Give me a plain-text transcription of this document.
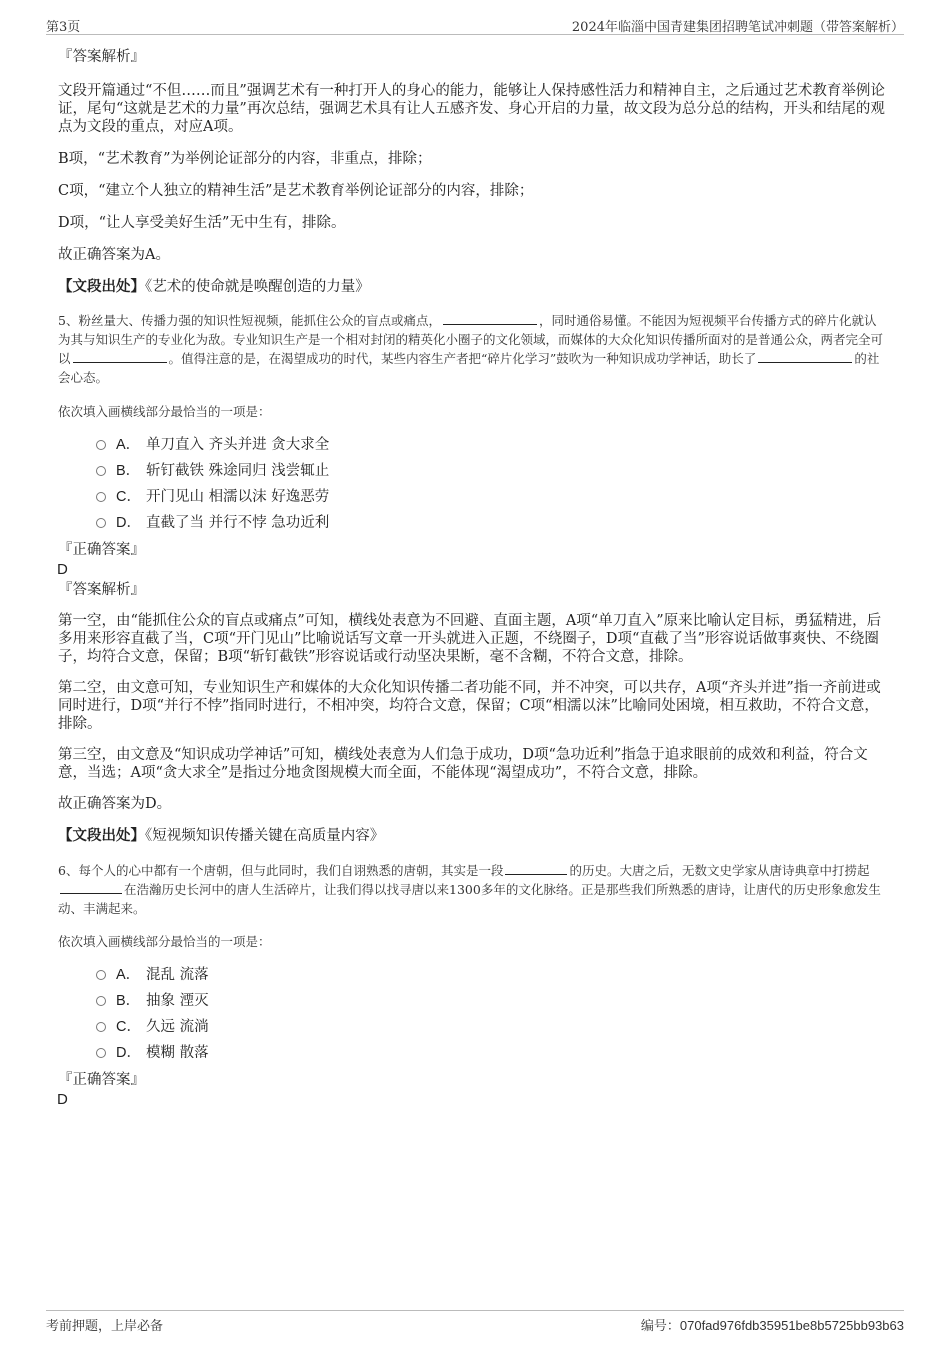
第3页	2024年临淄中国青建集团招聘笔试冲刺题（带答案解析）

『答案解析』

文段开篇通过“不但……而且”强调艺术有一种打开人的身心的能力，能够让人保持感性活力和精神自主，之后通过艺术教育举例论证，尾句“这就是艺术的力量”再次总结，强调艺术具有让人五感齐发、身心开启的力量，故文段为总分总的结构，开头和结尾的观点为文段的重点，对应A项。

B项，“艺术教育”为举例论证部分的内容，非重点，排除；

C项，“建立个人独立的精神生活”是艺术教育举例论证部分的内容，排除；

D项，“让人享受美好生活”无中生有，排除。

故正确答案为A。

【文段出处】《艺术的使命就是唤醒创造的力量》

5、粉丝量大、传播力强的知识性短视频，能抓住公众的盲点或痛点，	，同时通俗易懂。不能因为短视频平台传播方式的碎片化就认为其与知识生产的专业化为敌。专业知识生产是一个相对封闭的精英化小圈子的文化领域，而媒体的大众化知识传播所面对的是普通公众，两者完全可以	。值得注意的是，在渴望成功的时代，某些内容生产者把“碎片化学习”鼓吹为一种知识成功学神话，助长了	的社会心态。

依次填入画横线部分最恰当的一项是：

A． 单刀直入 齐头并进 贪大求全
B． 斩钉截铁 殊途同归 浅尝辄止
C． 开门见山 相濡以沫 好逸恶劳
D． 直截了当 并行不悖 急功近利

『正确答案』

D

『答案解析』

第一空，由“能抓住公众的盲点或痛点”可知，横线处表意为不回避、直面主题，A项“单刀直入”原来比喻认定目标，勇猛精进，后多用来形容直截了当，C项“开门见山”比喻说话写文章一开头就进入正题，不绕圈子，D项“直截了当”形容说话做事爽快、不绕圈子，均符合文意，保留；B项“斩钉截铁”形容说话或行动坚决果断，毫不含糊，不符合文意，排除。

第二空，由文意可知，专业知识生产和媒体的大众化知识传播二者功能不同，并不冲突，可以共存，A项“齐头并进”指一齐前进或同时进行，D项“并行不悖”指同时进行，不相冲突，均符合文意，保留；C项“相濡以沫”比喻同处困境，相互救助，不符合文意，排除。

第三空，由文意及“知识成功学神话”可知，横线处表意为人们急于成功，D项“急功近利”指急于追求眼前的成效和利益，符合文意，当选；A项“贪大求全”是指过分地贪图规模大而全面，不能体现“渴望成功”，不符合文意，排除。

故正确答案为D。

【文段出处】《短视频知识传播关键在高质量内容》

6、每个人的心中都有一个唐朝，但与此同时，我们自诩熟悉的唐朝，其实是一段	的历史。大唐之后，无数文史学家从唐诗典章中打捞起在浩瀚历史长河中的唐人生活碎片，让我们得以找寻唐以来1300多年的文化脉络。正是那些我们所熟悉的唐诗，让唐代的历史形象愈发生动、丰满起来。

依次填入画横线部分最恰当的一项是：

A． 混乱 流落
B． 抽象 湮灭
C． 久远 流淌
D． 模糊 散落

『正确答案』

D

考前押题，上岸必备	编号：070fad976fdb35951be8b5725bb93b63
